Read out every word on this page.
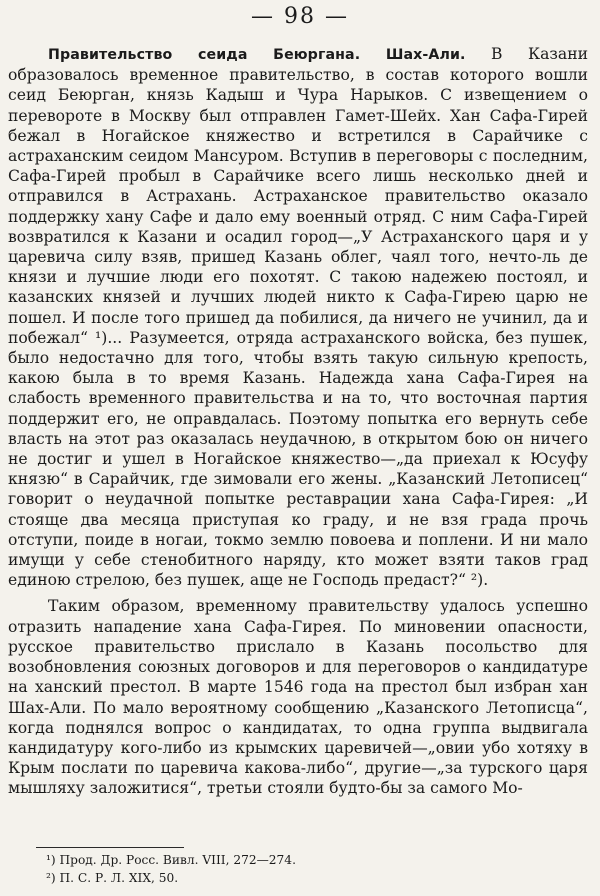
— 98 —

Правительство сеида Беюргана. Шах-Али. В Казани образовалось временное правительство, в состав которого вошли сеид Беюрган, князь Кадыш и Чура Нарыков. С извещением о перевороте в Москву был отправлен Гамет-Шейх. Хан Сафа-Гирей бежал в Ногайское княжество и встретился в Сарайчике с астраханским сеидом Мансуром. Вступив в переговоры с последним, Сафа-Гирей пробыл в Сарайчике всего лишь несколько дней и отправился в Астрахань. Астраханское правительство оказало поддержку хану Сафе и дало ему военный отряд. С ним Сафа-Гирей возвратился к Казани и осадил город—„У Астраханского царя и у царевича силу взяв, пришед Казань облег, чаял того, нечто-ль де князи и лучшие люди его похотят. С такою надежею постоял, и казанских князей и лучших людей никто к Сафа-Гирею царю не пошел. И после того пришед да побилися, да ничего не учинил, да и побежал“ ¹)... Разумеется, отряда астраханского войска, без пушек, было недостачно для того, чтобы взять такую сильную крепость, какою была в то время Казань. Надежда хана Сафа-Гирея на слабость временного правительства и на то, что восточная партия поддержит его, не оправдалась. Поэтому попытка его вернуть себе власть на этот раз оказалась неудачною, в открытом бою он ничего не достиг и ушел в Ногайское княжество—„да приехал к Юсуфу князю“ в Сарайчик, где зимовали его жены. „Казанский Летописец“ говорит о неудачной попытке реставрации хана Сафа-Гирея: „И стояще два месяца приступая ко граду, и не взя града прочь отступи, поиде в ногаи, токмо землю повоева и поплени. И ни мало имущи у себе стенобитного наряду, кто может взяти таков град единою стрелою, без пушек, аще не Господь предаст?“ ²).

Таким образом, временному правительству удалось успешно отразить нападение хана Сафа-Гирея. По миновении опасности, русское правительство прислало в Казань посольство для возобновления союзных договоров и для переговоров о кандидатуре на ханский престол. В марте 1546 года на престол был избран хан Шах-Али. По мало вероятному сообщению „Казанского Летописца“, когда поднялся вопрос о кандидатах, то одна группа выдвигала кандидатуру кого-либо из крымских царевичей—„овии убо хотяху в Крым послати по царевича какова-либо“, другие—„за турского царя мышляху заложитися“, третьи стояли будто-бы за самого Мо-

¹) Прод. Др. Росс. Вивл. VIII, 272—274.

²) П. С. Р. Л. XIX, 50.
